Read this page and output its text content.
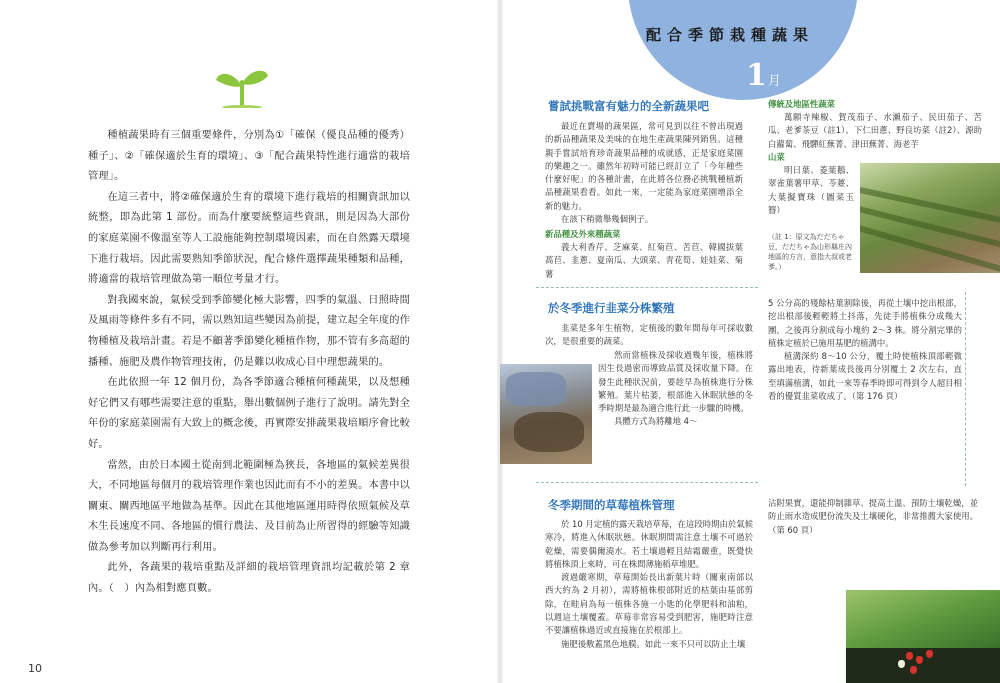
種植蔬果時有三個重要條件，分別為①「確保（優良品種的優秀）種子」、②「確保適於生育的環境」、③「配合蔬果特性進行適當的栽培管理」。

在這三者中，將②確保適於生育的環境下進行栽培的相關資訊加以統整，即為此第 1 部份。而為什麼要統整這些資訊，則是因為大部份的家庭菜園不像溫室等人工設施能夠控制環境因素，而在自然露天環境下進行栽培。因此需要熟知季節狀況，配合條件選擇蔬果種類和品種，將適當的栽培管理做為第一順位考量才行。

對我國來說，氣候受到季節變化極大影響，四季的氣溫、日照時間及風雨等條件多有不同，需以熟知這些變因為前提，建立起全年度的作物種植及栽培計畫。若是不顧著季節變化種植作物，那不管有多高超的播種、施肥及農作物管理技術，仍是難以收成心目中理想蔬果的。

在此依照一年 12 個月份，為各季節適合種植何種蔬果，以及想種好它們又有哪些需要注意的重點，舉出數個例子進行了說明。請先對全年份的家庭菜園需有大致上的概念後，再實際安排蔬果栽培順序會比較好。

當然，由於日本國土從南到北範圍極為狹長，各地區的氣候差異很大，不同地區每個月的栽培管理作業也因此而有不小的差異。本書中以關東、關西地區平地做為基準。因此在其他地區運用時得依照氣候及草木生長速度不同、各地區的慣行農法、及目前為止所習得的經驗等知識做為參考加以判斷再行利用。

此外，各蔬果的栽培重點及詳細的栽培管理資訊均記載於第 2 章內。（　）內為相對應頁數。

10
配合季節栽種蔬果
1月
嘗試挑戰富有魅力的全新蔬果吧

最近在賣場的蔬果區，常可見到以往不曾出現過的新品種蔬果及美味的在地生產蔬果陳列銷售。這種親手嘗試培育珍奇蔬果品種的成就感，正是家庭菜園的樂趣之一。雖然年初時可能已經訂立了「今年種些什麼好呢」的各種計畫，在此將各位務必挑戰種植新品種蔬果看看。如此一來，一定能為家庭菜園增添全新的魅力。

在該下稍微舉幾個例子。

新品種及外來種蔬菜
義大利香芹、芝麻菜、紅菊苣、苦苣、韓國拔葉萵苣、韭蔥、夏南瓜、大頭菜、青花筍、娃娃菜、菊薯
傳統及地區性蔬菜
萬願寺辣椒、賀茂茄子、水瀨茄子、民田茄子、苦瓜、老爹茶豆（註1）、下仁田蔥、野良坊菜（註2）、源助白蘿蔔、飛驒紅蕪菁、津田蕪菁、海老芋
山菜
明日葉、菱葉鵝、翠雀葉薯甲草、苓薹、大葉擬寶珠（圖菜玉簪）
（註 1：原文為だだちゃ豆，だだちゃ為山形縣庄內地區的方言，意指大叔或老爹。）
於冬季進行韭菜分株繁殖

韭菜是多年生植物，定植後的數年間每年可採收數次，是很重要的蔬菜。

然而當植株及採收過幾年後，植株將因生長過密而導致品質及採收量下降。在發生此種狀況前，要趁早為植株進行分株繁殖。葉片枯萎，根部進入休眠狀態的冬季時期是最為適合進行此一步驟的時機。

具體方式為將離地 4～

5 公分高的殘餘枯葉割除後，再從土壤中挖出根部，挖出根部後輕輕將土抖落，先徒手將植株分成幾大團，之後再分割成每小塊約 2～3 株。將分割完畢的植株定植於已施用基肥的植溝中。

植溝深約 8～10 公分，覆土時使植株頂部輕微露出地表，待新葉成長後再分別覆土 2 次左右，直至填滿植溝，如此一來等春季時即可得到令人超目相看的優質韭菜收成了。（第 176 頁）

冬季期間的草莓植株管理

於 10 月定植的露天栽培草莓，在這段時期由於氣候寒冷，將進入休眠狀態。休眠期間需注意土壤不可過於乾燥，需要偶爾澆水。若土壤過輕且結霜嚴重，既覺快將植株頂上來時，可在株間薄施稻草堆肥。

渡過嚴寒期，草莓開始長出新葉片時（關東南部以西大約為 2 月初），需將植株根部附近的枯葉由基部剪除，在畦肩為每一植株各施一小匙的化學肥料和油粕，以週這土壤覆蓋。草莓非常容易受到肥害，施肥時注意不要讓植株過近或直接施在於根部上。

施肥後敷蓋黑色地膜。如此一來不只可以防止土壤

沾附果實，還能抑制雜草、提高土溫、預防土壤乾燥，並防止雨水造成肥份流失及土壤硬化，非常推薦大家使用。（第 60 頁）
